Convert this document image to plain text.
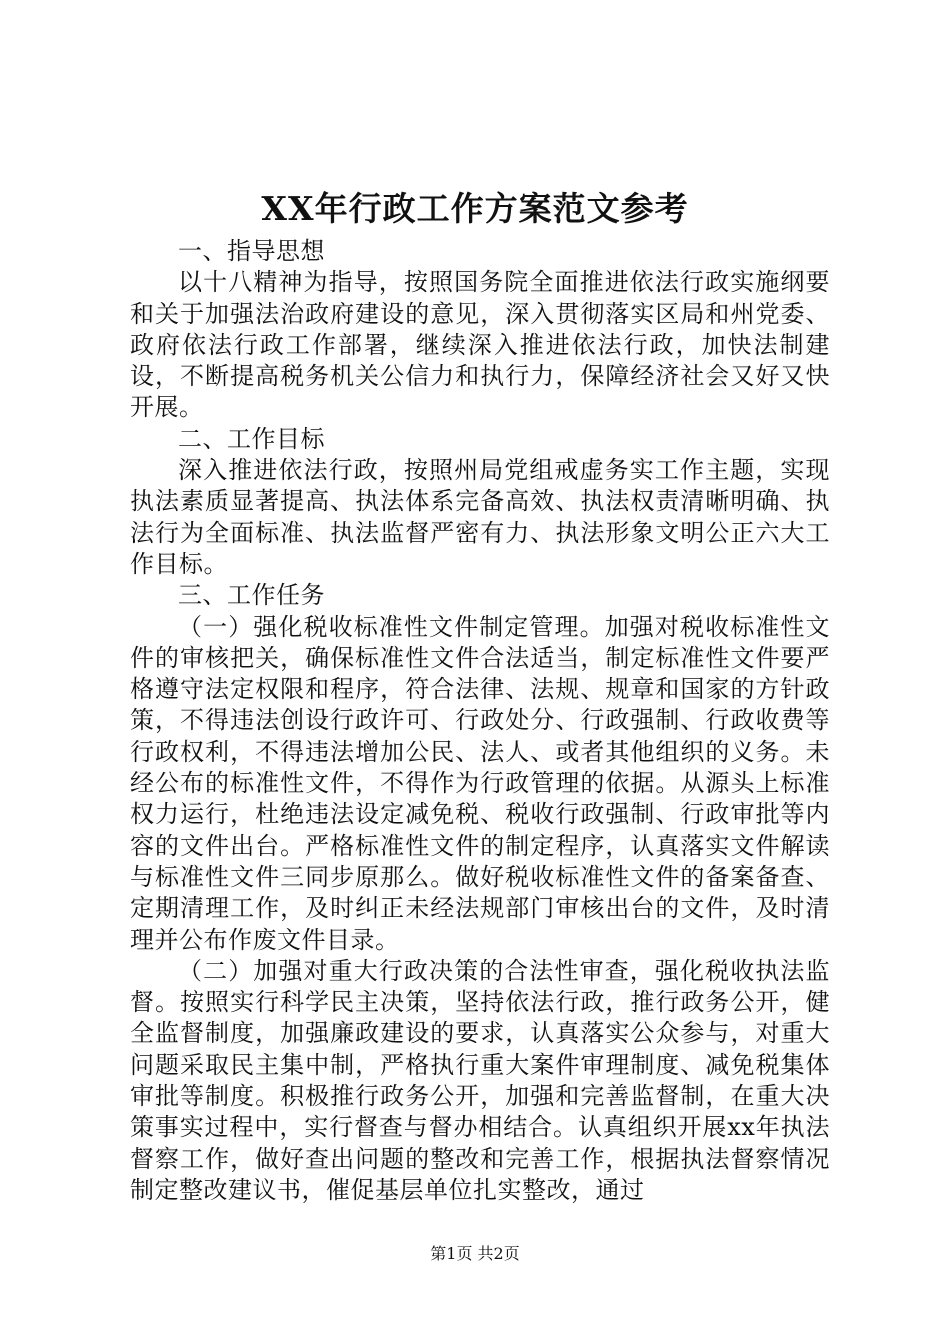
XX年行政工作方案范文参考

一、指导思想

以十八精神为指导，按照国务院全面推进依法行政实施纲要和关于加强法治政府建设的意见，深入贯彻落实区局和州党委、政府依法行政工作部署，继续深入推进依法行政，加快法制建设，不断提高税务机关公信力和执行力，保障经济社会又好又快开展。

二、工作目标

深入推进依法行政，按照州局党组戒虚务实工作主题，实现执法素质显著提高、执法体系完备高效、执法权责清晰明确、执法行为全面标准、执法监督严密有力、执法形象文明公正六大工作目标。

三、工作任务

（一）强化税收标准性文件制定管理。加强对税收标准性文件的审核把关，确保标准性文件合法适当，制定标准性文件要严格遵守法定权限和程序，符合法律、法规、规章和国家的方针政策，不得违法创设行政许可、行政处分、行政强制、行政收费等行政权利，不得违法增加公民、法人、或者其他组织的义务。未经公布的标准性文件，不得作为行政管理的依据。从源头上标准权力运行，杜绝违法设定减免税、税收行政强制、行政审批等内容的文件出台。严格标准性文件的制定程序，认真落实文件解读与标准性文件三同步原那么。做好税收标准性文件的备案备查、定期清理工作，及时纠正未经法规部门审核出台的文件，及时清理并公布作废文件目录。

（二）加强对重大行政决策的合法性审查，强化税收执法监督。按照实行科学民主决策，坚持依法行政，推行政务公开，健全监督制度，加强廉政建设的要求，认真落实公众参与，对重大问题采取民主集中制，严格执行重大案件审理制度、减免税集体审批等制度。积极推行政务公开，加强和完善监督制，在重大决策事实过程中，实行督查与督办相结合。认真组织开展xx年执法督察工作，做好查出问题的整改和完善工作，根据执法督察情况制定整改建议书，催促基层单位扎实整改，通过

第1页 共2页
